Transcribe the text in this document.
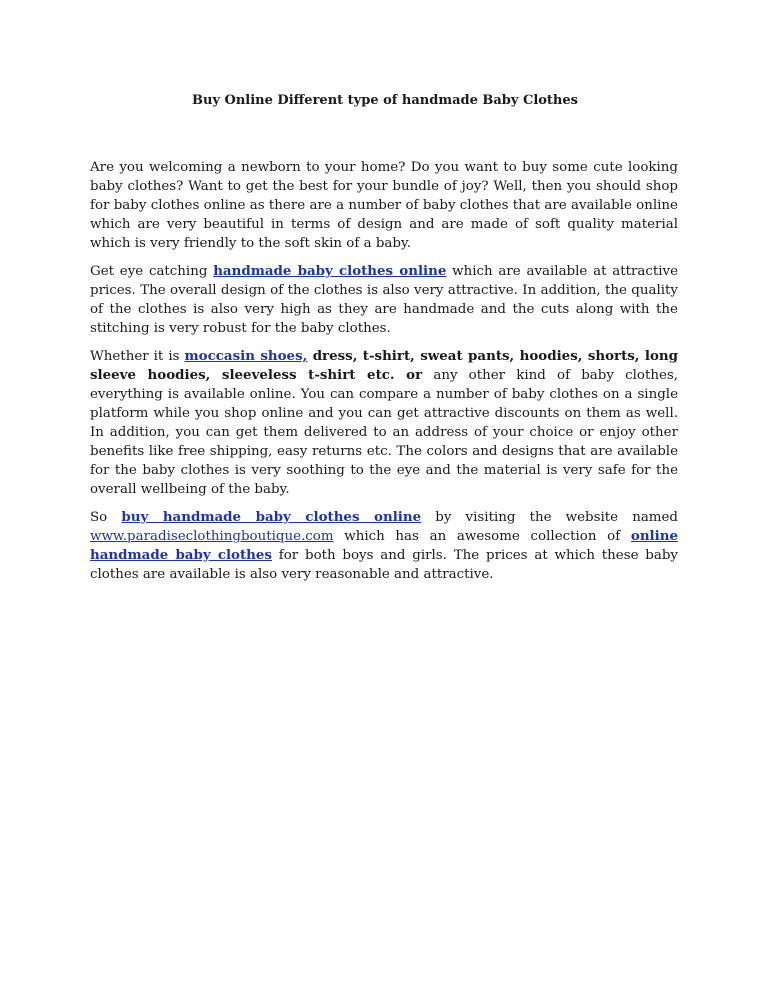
Buy Online Different type of handmade Baby Clothes

Are you welcoming a newborn to your home? Do you want to buy some cute looking baby clothes? Want to get the best for your bundle of joy? Well, then you should shop for baby clothes online as there are a number of baby clothes that are available online which are very beautiful in terms of design and are made of soft quality material which is very friendly to the soft skin of a baby.

Get eye catching handmade baby clothes online which are available at attractive prices. The overall design of the clothes is also very attractive. In addition, the quality of the clothes is also very high as they are handmade and the cuts along with the stitching is very robust for the baby clothes.

Whether it is moccasin shoes, dress, t-shirt, sweat pants, hoodies, shorts, long sleeve hoodies, sleeveless t-shirt etc. or any other kind of baby clothes, everything is available online. You can compare a number of baby clothes on a single platform while you shop online and you can get attractive discounts on them as well. In addition, you can get them delivered to an address of your choice or enjoy other benefits like free shipping, easy returns etc. The colors and designs that are available for the baby clothes is very soothing to the eye and the material is very safe for the overall wellbeing of the baby.

So buy handmade baby clothes online by visiting the website named www.paradiseclothingboutique.com which has an awesome collection of online handmade baby clothes for both boys and girls. The prices at which these baby clothes are available is also very reasonable and attractive.
